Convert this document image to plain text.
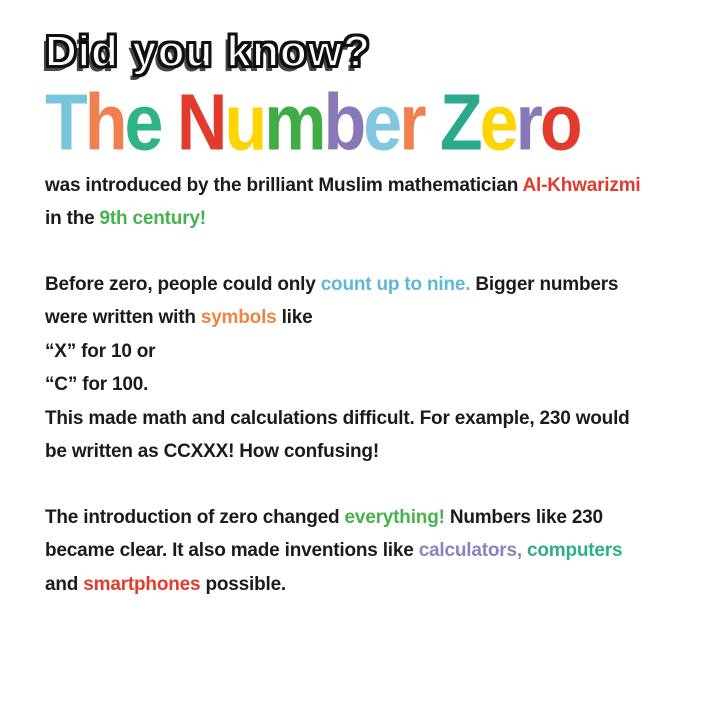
Did you know?
The Number Zero
was introduced by the brilliant Muslim mathematician Al-Khwarizmi
in the 9th century!
Before zero, people could only count up to nine. Bigger numbers
were written with symbols like
“X” for 10 or
“C” for 100.
This made math and calculations difficult. For example, 230 would
be written as CCXXX! How confusing!
The introduction of zero changed everything! Numbers like 230
became clear. It also made inventions like calculators, computers
and smartphones possible.
